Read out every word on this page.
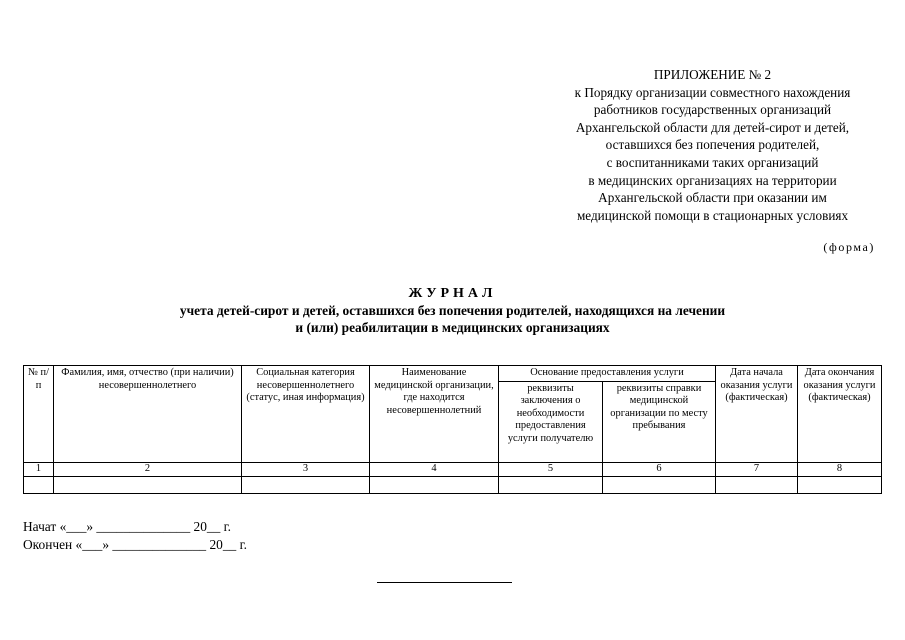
ПРИЛОЖЕНИЕ № 2
к Порядку организации совместного нахождения
работников государственных организаций
Архангельской области для детей-сирот и детей,
оставшихся без попечения родителей,
с воспитанниками таких организаций
в медицинских организациях на территории
Архангельской области при оказании им
медицинской помощи в стационарных условиях
(форма)
ЖУРНАЛ
учета детей-сирот и детей, оставшихся без попечения родителей, находящихся на лечении
и (или) реабилитации в медицинских организациях
№ п/п	Фамилия, имя, отчество (при наличии) несовершеннолетнего	Социальная категория несовершеннолетнего (статус, иная информация)	Наименование медицинской организации, где находится несовершеннолетний	Основание предоставления услуги		Дата начала оказания услуги (фактическая)	Дата окончания оказания услуги (фактическая)
				реквизиты заключения о необходимости предоставления услуги получателю	реквизиты справки медицинской организации по месту пребывания		
1	2	3	4	5	6	7	8

Начат «___» ______________ 20__ г.
Окончен «___» ______________ 20__ г.
